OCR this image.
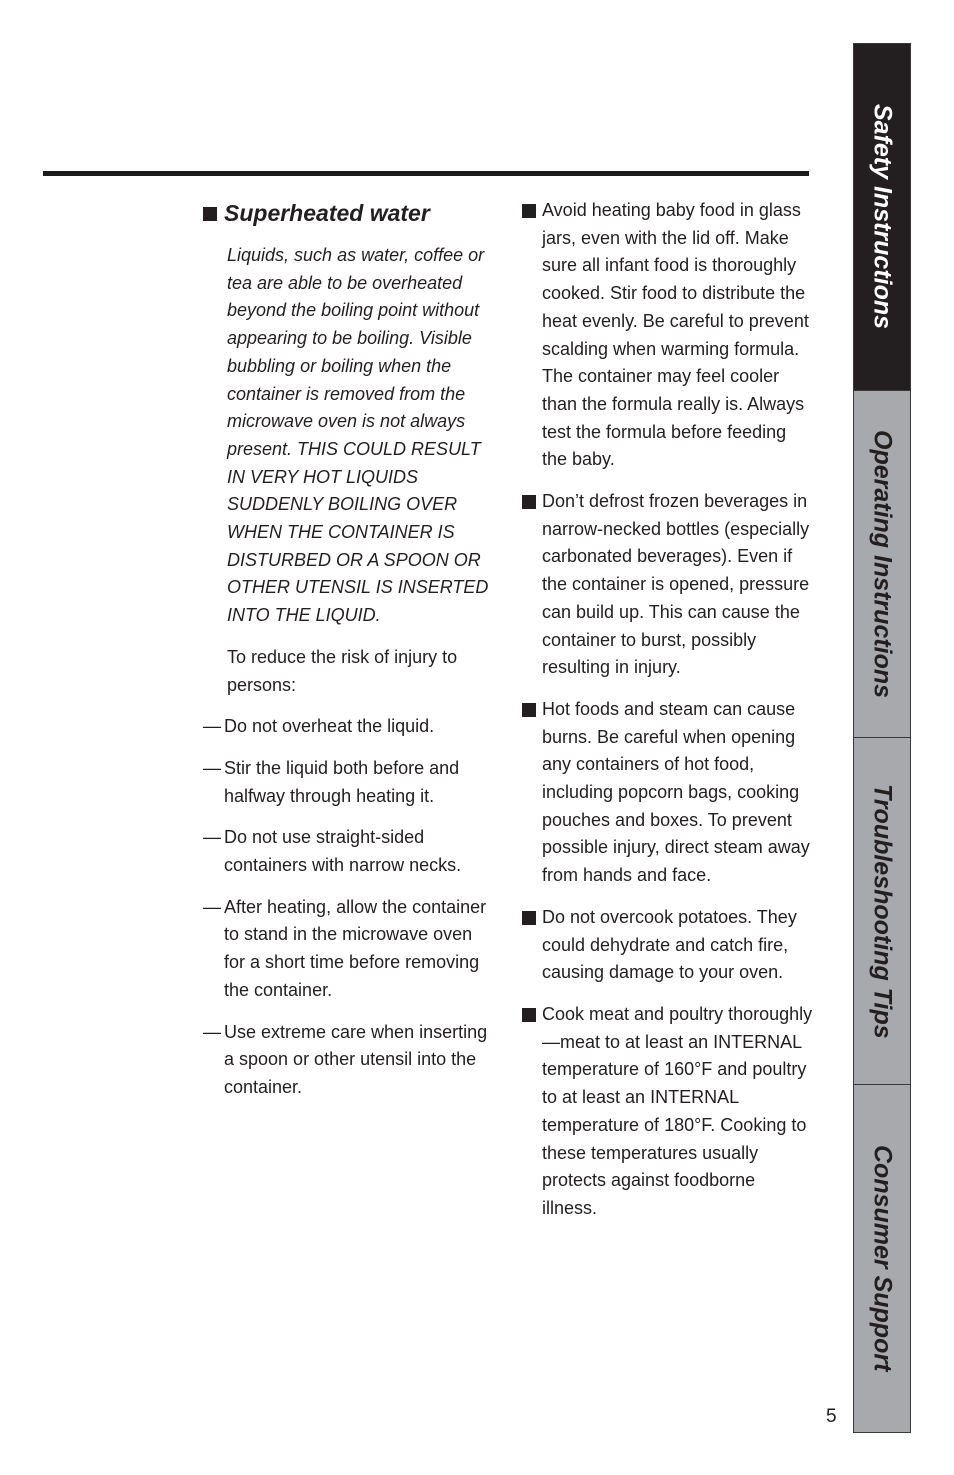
Superheated water

Liquids, such as water, coffee or tea are able to be overheated beyond the boiling point without appearing to be boiling. Visible bubbling or boiling when the container is removed from the microwave oven is not always present. THIS COULD RESULT IN VERY HOT LIQUIDS SUDDENLY BOILING OVER WHEN THE CONTAINER IS DISTURBED OR A SPOON OR OTHER UTENSIL IS INSERTED INTO THE LIQUID.

To reduce the risk of injury to persons:

— Do not overheat the liquid.
— Stir the liquid both before and halfway through heating it.
— Do not use straight-sided containers with narrow necks.
— After heating, allow the container to stand in the microwave oven for a short time before removing the container.
— Use extreme care when inserting a spoon or other utensil into the container.

Avoid heating baby food in glass jars, even with the lid off. Make sure all infant food is thoroughly cooked. Stir food to distribute the heat evenly. Be careful to prevent scalding when warming formula. The container may feel cooler than the formula really is. Always test the formula before feeding the baby.

Don’t defrost frozen beverages in narrow-necked bottles (especially carbonated beverages). Even if the container is opened, pressure can build up. This can cause the container to burst, possibly resulting in injury.

Hot foods and steam can cause burns. Be careful when opening any containers of hot food, including popcorn bags, cooking pouches and boxes. To prevent possible injury, direct steam away from hands and face.

Do not overcook potatoes. They could dehydrate and catch fire, causing damage to your oven.

Cook meat and poultry thoroughly—meat to at least an INTERNAL temperature of 160°F and poultry to at least an INTERNAL temperature of 180°F. Cooking to these temperatures usually protects against foodborne illness.

Safety Instructions
Operating Instructions
Troubleshooting Tips
Consumer Support
5
